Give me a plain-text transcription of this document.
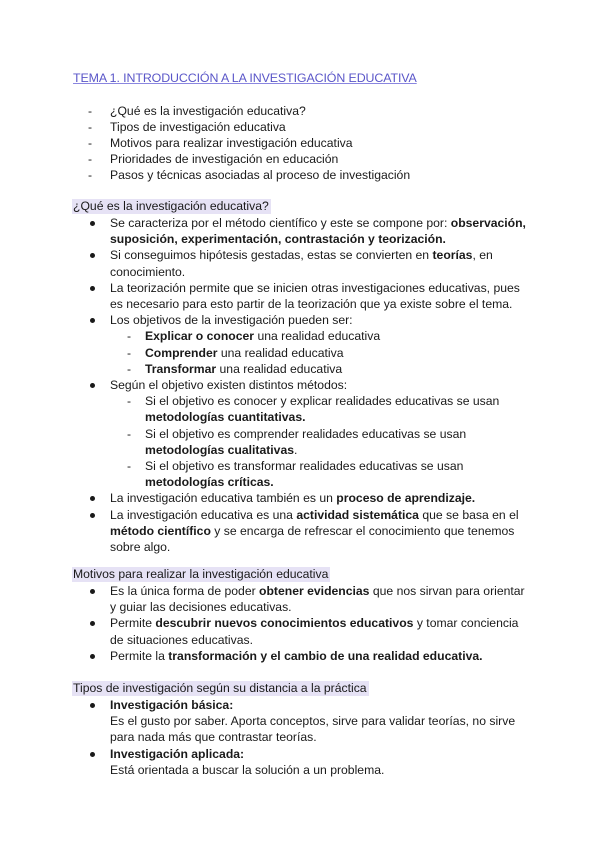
TEMA 1. INTRODUCCIÓN A LA INVESTIGACIÓN EDUCATIVA
- ¿Qué es la investigación educativa?
- Tipos de investigación educativa
- Motivos para realizar investigación educativa
- Prioridades de investigación en educación
- Pasos y técnicas asociadas al proceso de investigación
¿Qué es la investigación educativa?
Se caracteriza por el método científico y este se compone por: observación,
suposición, experimentación, contrastación y teorización.
Si conseguimos hipótesis gestadas, estas se convierten en teorías, en
conocimiento.
La teorización permite que se inicien otras investigaciones educativas, pues
es necesario para esto partir de la teorización que ya existe sobre el tema.
Los objetivos de la investigación pueden ser:
- Explicar o conocer una realidad educativa
- Comprender una realidad educativa
- Transformar una realidad educativa
Según el objetivo existen distintos métodos:
- Si el objetivo es conocer y explicar realidades educativas se usan
metodologías cuantitativas.
- Si el objetivo es comprender realidades educativas se usan
metodologías cualitativas.
- Si el objetivo es transformar realidades educativas se usan
metodologías críticas.
La investigación educativa también es un proceso de aprendizaje.
La investigación educativa es una actividad sistemática que se basa en el
método científico y se encarga de refrescar el conocimiento que tenemos
sobre algo.
Motivos para realizar la investigación educativa
Es la única forma de poder obtener evidencias que nos sirvan para orientar
y guiar las decisiones educativas.
Permite descubrir nuevos conocimientos educativos y tomar conciencia
de situaciones educativas.
Permite la transformación y el cambio de una realidad educativa.
Tipos de investigación según su distancia a la práctica
Investigación básica:
Es el gusto por saber. Aporta conceptos, sirve para validar teorías, no sirve
para nada más que contrastar teorías.
Investigación aplicada:
Está orientada a buscar la solución a un problema.
